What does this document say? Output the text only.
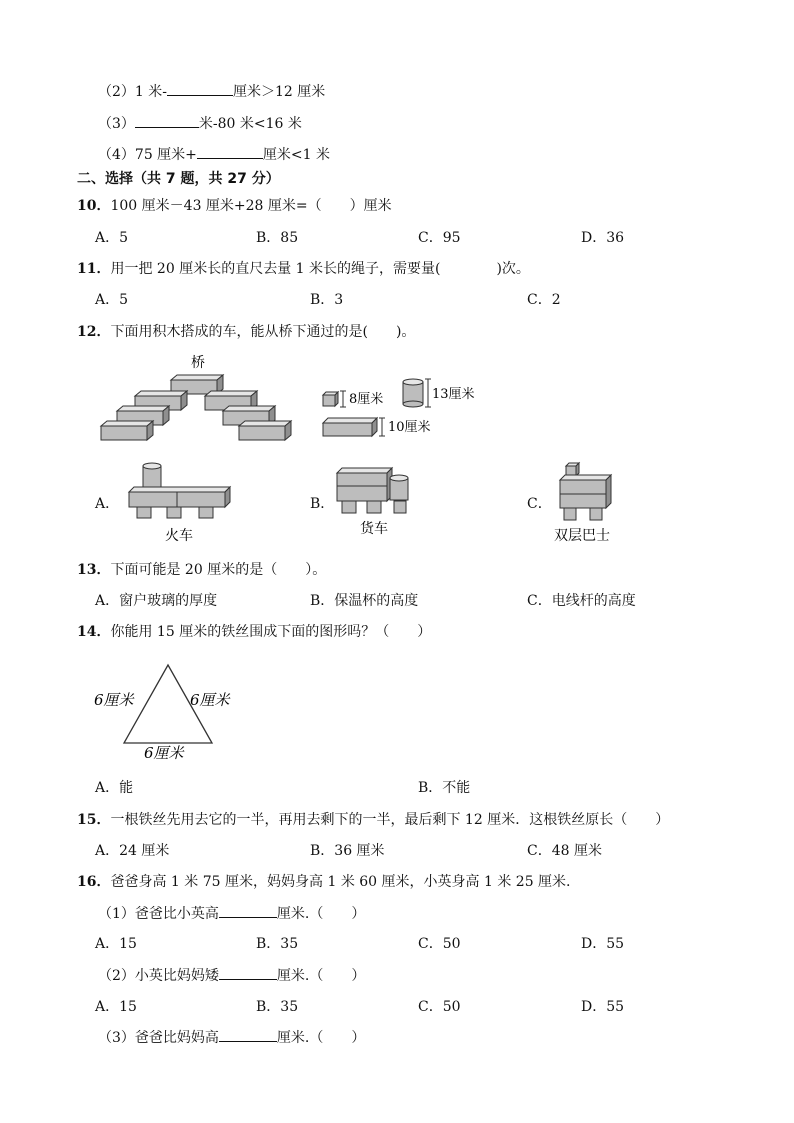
（2）1 米-	厘米＞12 厘米
（3）	米-80 米<16 米
（4）75 厘米+	厘米<1 米
二、选择（共 7 题，共 27 分）
10．100 厘米－43 厘米+28 厘米=（　　）厘米
A．5	B．85	C．95	D．36
11．用一把 20 厘米长的直尺去量 1 米长的绳子，需要量(　　　　)次。
A．5	B．3	C．2
12．下面用积木搭成的车，能从桥下通过的是(　　)。
桥
8厘米	13厘米
10厘米
A．	B．	C．
火车	货车	双层巴士
13．下面可能是 20 厘米的是（　　）。
A．窗户玻璃的厚度	B．保温杯的高度	C．电线杆的高度
14．你能用 15 厘米的铁丝围成下面的图形吗？（　　）
6厘米	6厘米
6厘米
A．能	B．不能
15．一根铁丝先用去它的一半，再用去剩下的一半，最后剩下 12 厘米．这根铁丝原长（　　）
A．24 厘米	B．36 厘米	C．48 厘米
16．爸爸身高 1 米 75 厘米，妈妈身高 1 米 60 厘米，小英身高 1 米 25 厘米.
（1）爸爸比小英高	厘米.（　　）
A．15	B．35	C．50	D．55
（2）小英比妈妈矮	厘米.（　　）
A．15	B．35	C．50	D．55
（3）爸爸比妈妈高	厘米.（　　）
